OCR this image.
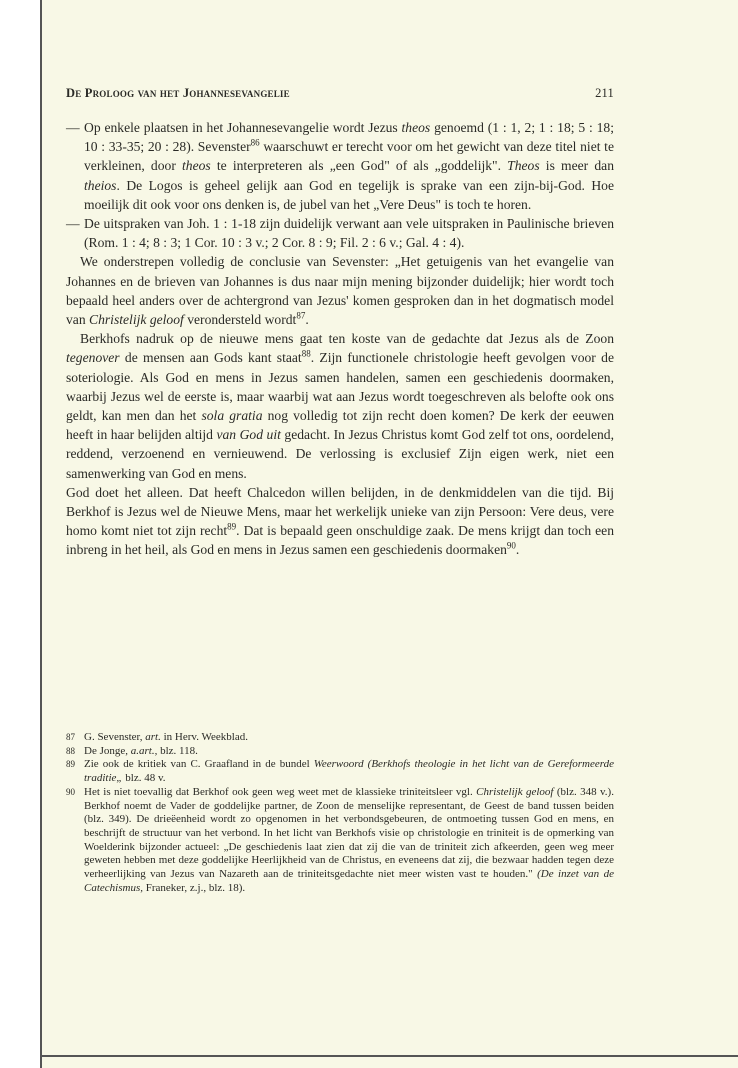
De Proloog van het Johannesevangelie	211
— Op enkele plaatsen in het Johannesevangelie wordt Jezus theos genoemd (1 : 1, 2; 1 : 18; 5 : 18; 10 : 33-35; 20 : 28). Sevenster$^{86}$ waarschuwt er terecht voor om het gewicht van deze titel niet te verkleinen, door theos te interpreteren als „een God" of als „goddelijk". Theos is meer dan theios. De Logos is geheel gelijk aan God en tegelijk is sprake van een zijn-bij-God. Hoe moeilijk dit ook voor ons denken is, de jubel van het „Vere Deus" is toch te horen.
— De uitspraken van Joh. 1 : 1-18 zijn duidelijk verwant aan vele uitspraken in Paulinische brieven (Rom. 1 : 4; 8 : 3; 1 Cor. 10 : 3 v.; 2 Cor. 8 : 9; Fil. 2 : 6 v.; Gal. 4 : 4).

We onderstrepen volledig de conclusie van Sevenster: „Het getuigenis van het evangelie van Johannes en de brieven van Johannes is dus naar mijn mening bijzonder duidelijk; hier wordt toch bepaald heel anders over de achtergrond van Jezus' komen gesproken dan in het dogmatisch model van Christelijk geloof verondersteld wordt$^{87}$.

Berkhofs nadruk op de nieuwe mens gaat ten koste van de gedachte dat Jezus als de Zoon tegenover de mensen aan Gods kant staat$^{88}$. Zijn functionele christologie heeft gevolgen voor de soteriologie. Als God en mens in Jezus samen handelen, samen een geschiedenis doormaken, waarbij Jezus wel de eerste is, maar waarbij wat aan Jezus wordt toegeschreven als belofte ook ons geldt, kan men dan het sola gratia nog volledig tot zijn recht doen komen? De kerk der eeuwen heeft in haar belijden altijd van God uit gedacht. In Jezus Christus komt God zelf tot ons, oordelend, reddend, verzoenend en vernieuwend. De verlossing is exclusief Zijn eigen werk, niet een samenwerking van God en mens.

God doet het alleen. Dat heeft Chalcedon willen belijden, in de denkmiddelen van die tijd. Bij Berkhof is Jezus wel de Nieuwe Mens, maar het werkelijk unieke van zijn Persoon: Vere deus, vere homo komt niet tot zijn recht$^{89}$. Dat is bepaald geen onschuldige zaak. De mens krijgt dan toch een inbreng in het heil, als God en mens in Jezus samen een geschiedenis doormaken$^{90}$.

87 G. Sevenster, art. in Herv. Weekblad.
88 De Jonge, a.art., blz. 118.
89 Zie ook de kritiek van C. Graafland in de bundel Weerwoord (Berkhofs theologie in het licht van de Gereformeerde traditie„ blz. 48 v.
90 Het is niet toevallig dat Berkhof ook geen weg weet met de klassieke triniteitsleer vgl. Christelijk geloof (blz. 348 v.). Berkhof noemt de Vader de goddelijke partner, de Zoon de menselijke representant, de Geest de band tussen beiden (blz. 349). De drieëenheid wordt zo opgenomen in het verbondsgebeuren, de ontmoeting tussen God en mens, en beschrijft de structuur van het verbond. In het licht van Berkhofs visie op christologie en triniteit is de opmerking van Woelderink bijzonder actueel: „De geschiedenis laat zien dat zij die van de triniteit zich afkeerden, geen weg meer geweten hebben met deze goddelijke Heerlijkheid van de Christus, en eveneens dat zij, die bezwaar hadden tegen deze verheerlijking van Jezus van Nazareth aan de triniteitsgedachte niet meer wisten vast te houden." (De inzet van de Catechismus, Franeker, z.j., blz. 18).
